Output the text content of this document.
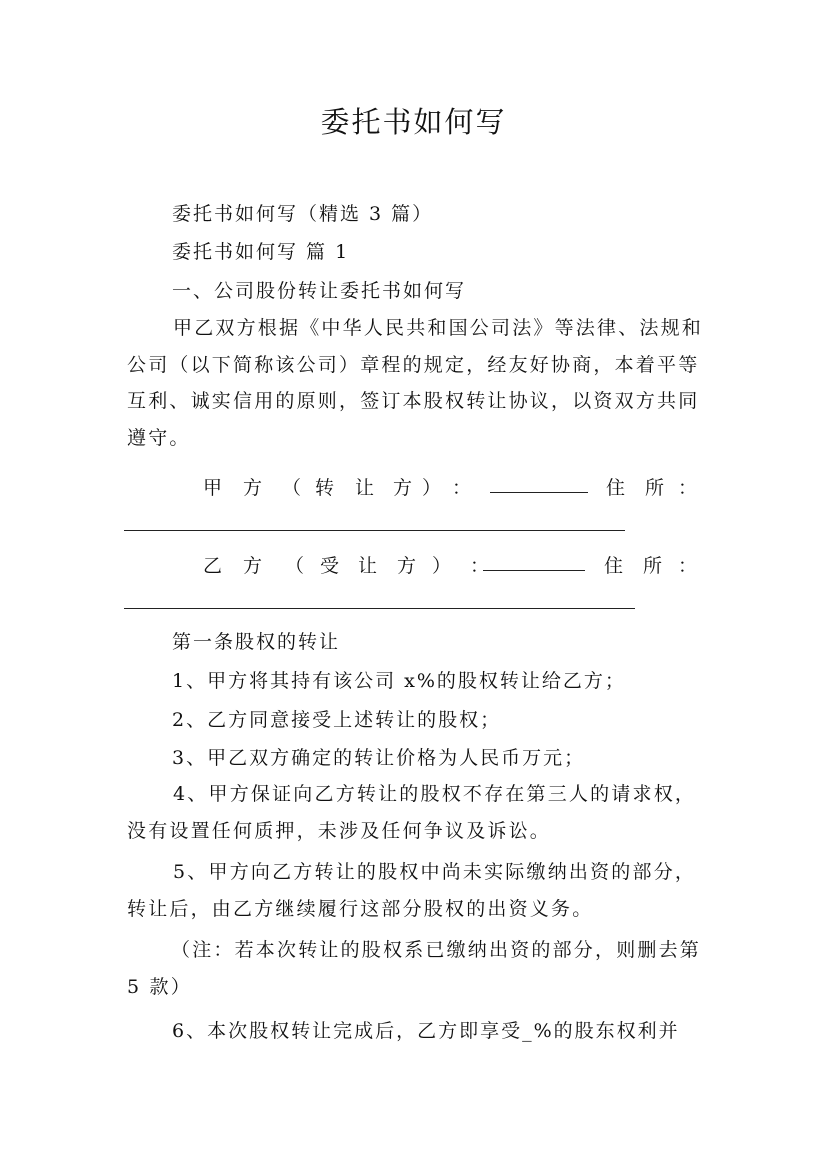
委托书如何写
委托书如何写（精选 3 篇）
委托书如何写 篇 1
一、公司股份转让委托书如何写
甲乙双方根据《中华人民共和国公司法》等法律、法规和公司（以下简称该公司）章程的规定，经友好协商，本着平等互利、诚实信用的原则，签订本股权转让协议，以资双方共同遵守。
甲 方 （ 转 让 方 ） ：	住 所 ：
乙 方 （ 受 让 方 ） ：	住 所 ：
第一条股权的转让
1、甲方将其持有该公司 x%的股权转让给乙方；
2、乙方同意接受上述转让的股权；
3、甲乙双方确定的转让价格为人民币万元；
4、甲方保证向乙方转让的股权不存在第三人的请求权，没有设置任何质押，未涉及任何争议及诉讼。
5、甲方向乙方转让的股权中尚未实际缴纳出资的部分，转让后，由乙方继续履行这部分股权的出资义务。
（注：若本次转让的股权系已缴纳出资的部分，则删去第 5 款）
6、本次股权转让完成后，乙方即享受_%的股东权利并
